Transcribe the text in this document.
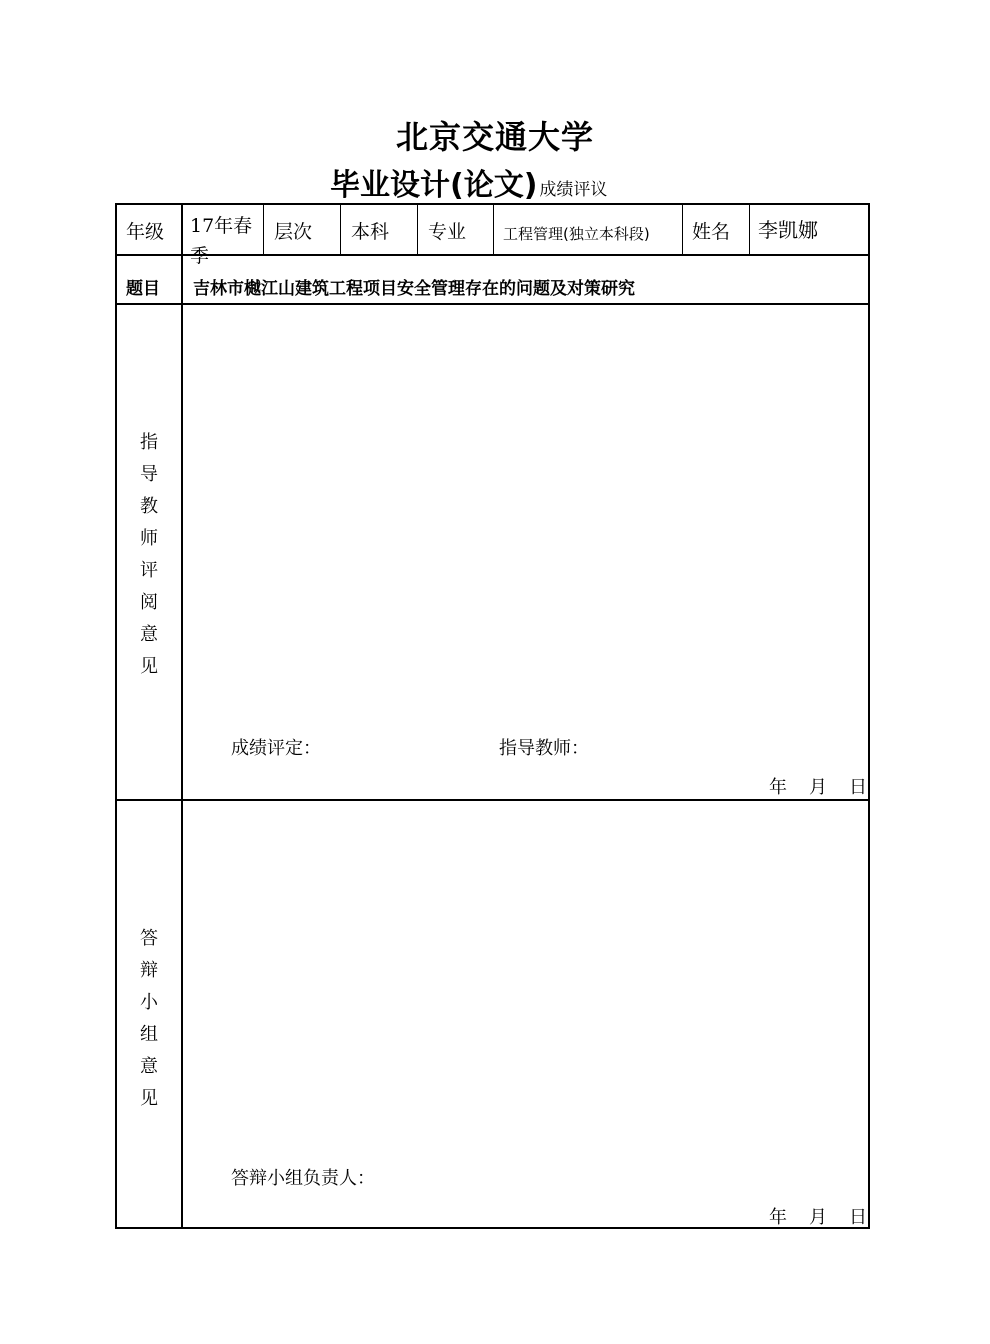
北京交通大学
毕业设计(论文) 成绩评议
年级 17年春季
层次 本科 专业 工程管理(独立本科段) 姓名 李凯娜
题目 吉林市樾江山建筑工程项目安全管理存在的问题及对策研究
指
导
教
师
评
阅
意
见
成绩评定：	指导教师：
年 月 日
答
辩
小
组
意
见
答辩小组负责人：
年 月 日
